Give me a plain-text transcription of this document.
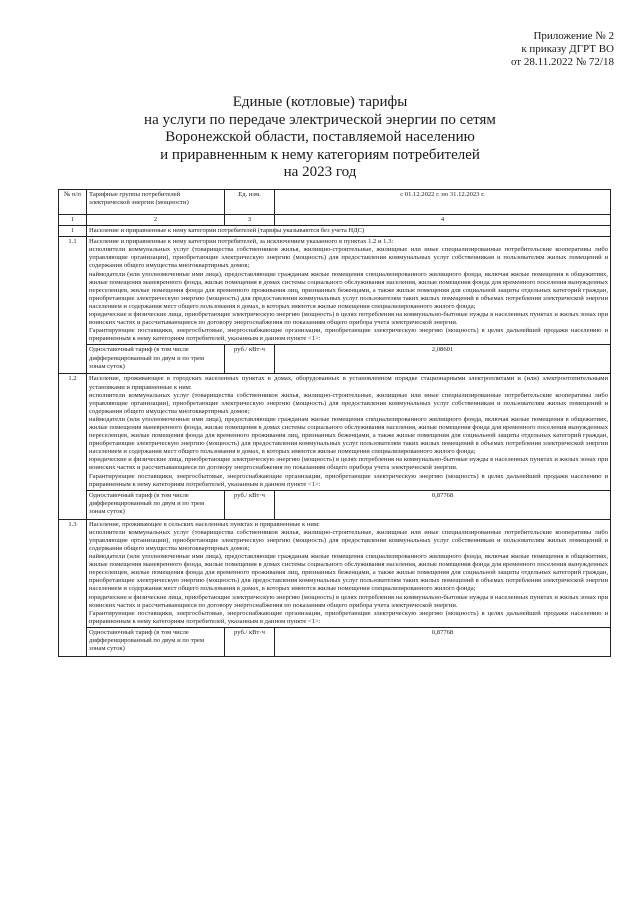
Приложение № 2
к приказу ДГРТ ВО
от 28.11.2022 № 72/18
Единые (котловые) тарифы
на услуги по передаче электрической энергии по сетям
Воронежской области, поставляемой населению
и приравненным к нему категориям потребителей
на 2023 год
№ п/п	Тарифные группы потребителей электрической энергии (мощности)	Ед. изм.	с 01.12.2022 г. по 31.12.2023 г.
1	2	3	4
1	Население и приравненные к нему категории потребителей (тарифы указываются без учета НДС)		
1.1	Население и приравненные к нему категории потребителей, за исключением указанного в пунктах 1.2 и 1.3:

исполнители коммунальных услуг (товарищества собственников жилья, жилищно-строительные, жилищные или иные специализированные потребительские кооперативы либо управляющие организации), приобретающие электрическую энергию (мощность) для предоставления коммунальных услуг собственникам и пользователям жилых помещений и содержания общего имущества многоквартирных домов;

наймодатели (или уполномоченные ими лица), предоставляющие гражданам жилые помещения специализированного жилищного фонда, включая жилые помещения в общежитиях, жилые помещения маневренного фонда, жилые помещения в домах системы социального обслуживания населения, жилые помещения фонда для временного поселения вынужденных переселенцев, жилые помещения фонда для временного проживания лиц, признанных беженцами, а также жилые помещения для социальной защиты отдельных категорий граждан, приобретающие электрическую энергию (мощность) для предоставления коммунальных услуг пользователям таких жилых помещений в объемах потребления электрической энергии населением и содержания мест общего пользования в домах, в которых имеются жилые помещения специализированного жилого фонда;

юридические и физические лица, приобретающие электрическую энергию (мощность) в целях потребления на коммунально-бытовые нужды в населенных пунктах и жилых зонах при воинских частях и рассчитывающиеся по договору энергоснабжения по показаниям общего прибора учета электрической энергии.

Гарантирующие поставщики, энергосбытовые, энергоснабжающие организации, приобретающие электрическую энергию (мощность) в целях дальнейшей продажи населению и приравненным к нему категориям потребителей, указанным в данном пункте <1>:		

	Одноставочный тариф (в том числе дифференцированный по двум и по трем зонам суток)	руб./ кВт·ч	2,08601
1.2	Население, проживающее в городских населенных пунктах в домах, оборудованных в установленном порядке стационарными электроплитами и (или) электроотопительными установками и приравненные к ним:

исполнители коммунальных услуг (товарищества собственников жилья, жилищно-строительные, жилищные или иные специализированные потребительские кооперативы либо управляющие организации), приобретающие электрическую энергию (мощность) для предоставления коммунальных услуг собственникам и пользователям жилых помещений и содержания общего имущества многоквартирных домов;

наймодатели (или уполномоченные ими лица), предоставляющие гражданам жилые помещения специализированного жилищного фонда, включая жилые помещения в общежитиях, жилые помещения маневренного фонда, жилые помещения в домах системы социального обслуживания населения, жилые помещения фонда для временного поселения вынужденных переселенцев, жилые помещения фонда для временного проживания лиц, признанных беженцами, а также жилые помещения для социальной защиты отдельных категорий граждан, приобретающие электрическую энергию (мощность) для предоставления коммунальных услуг пользователям таких жилых помещений в объемах потребления электрической энергии населением и содержания мест общего пользования в домах, в которых имеются жилые помещения специализированного жилого фонда;

юридические и физические лица, приобретающие электрическую энергию (мощность) в целях потребления на коммунально-бытовые нужды в населенных пунктах и жилых зонах при воинских частях и рассчитывающиеся по договору энергоснабжения по показаниям общего прибора учета электрической энергии.

Гарантирующие поставщики, энергосбытовые, энергоснабжающие организации, приобретающие электрическую энергию (мощность) в целях дальнейшей продажи населению и приравненным к нему категориям потребителей, указанным в данном пункте <1>:		

	Одноставочный тариф (в том числе дифференцированный по двум и по трем зонам суток)	руб./ кВт·ч	0,87768
1.3	Население, проживающее в сельских населенных пунктах и приравненные к ним:

исполнители коммунальных услуг (товарищества собственников жилья, жилищно-строительные, жилищные или иные специализированные потребительские кооперативы либо управляющие организации), приобретающие электрическую энергию (мощность) для предоставления коммунальных услуг собственникам и пользователям жилых помещений и содержания общего имущества многоквартирных домов;

наймодатели (или уполномоченные ими лица), предоставляющие гражданам жилые помещения специализированного жилищного фонда, включая жилые помещения в общежитиях, жилые помещения маневренного фонда, жилые помещения в домах системы социального обслуживания населения, жилые помещения фонда для временного поселения вынужденных переселенцев, жилые помещения фонда для временного проживания лиц, признанных беженцами, а также жилые помещения для социальной защиты отдельных категорий граждан, приобретающие электрическую энергию (мощность) для предоставления коммунальных услуг пользователям таких жилых помещений в объемах потребления электрической энергии населением и содержания мест общего пользования в домах, в которых имеются жилые помещения специализированного жилого фонда;

юридические и физические лица, приобретающие электрическую энергию (мощность) в целях потребления на коммунально-бытовые нужды в населенных пунктах и жилых зонах при воинских частях и рассчитывающиеся по договору энергоснабжения по показаниям общего прибора учета электрической энергии.

Гарантирующие поставщики, энергосбытовые, энергоснабжающие организации, приобретающие электрическую энергию (мощность) в целях дальнейшей продажи населению и приравненным к нему категориям потребителей, указанным в данном пункте <1>:		

	Одноставочный тариф (в том числе дифференцированный по двум и по трем зонам суток)	руб./ кВт·ч	0,87768
